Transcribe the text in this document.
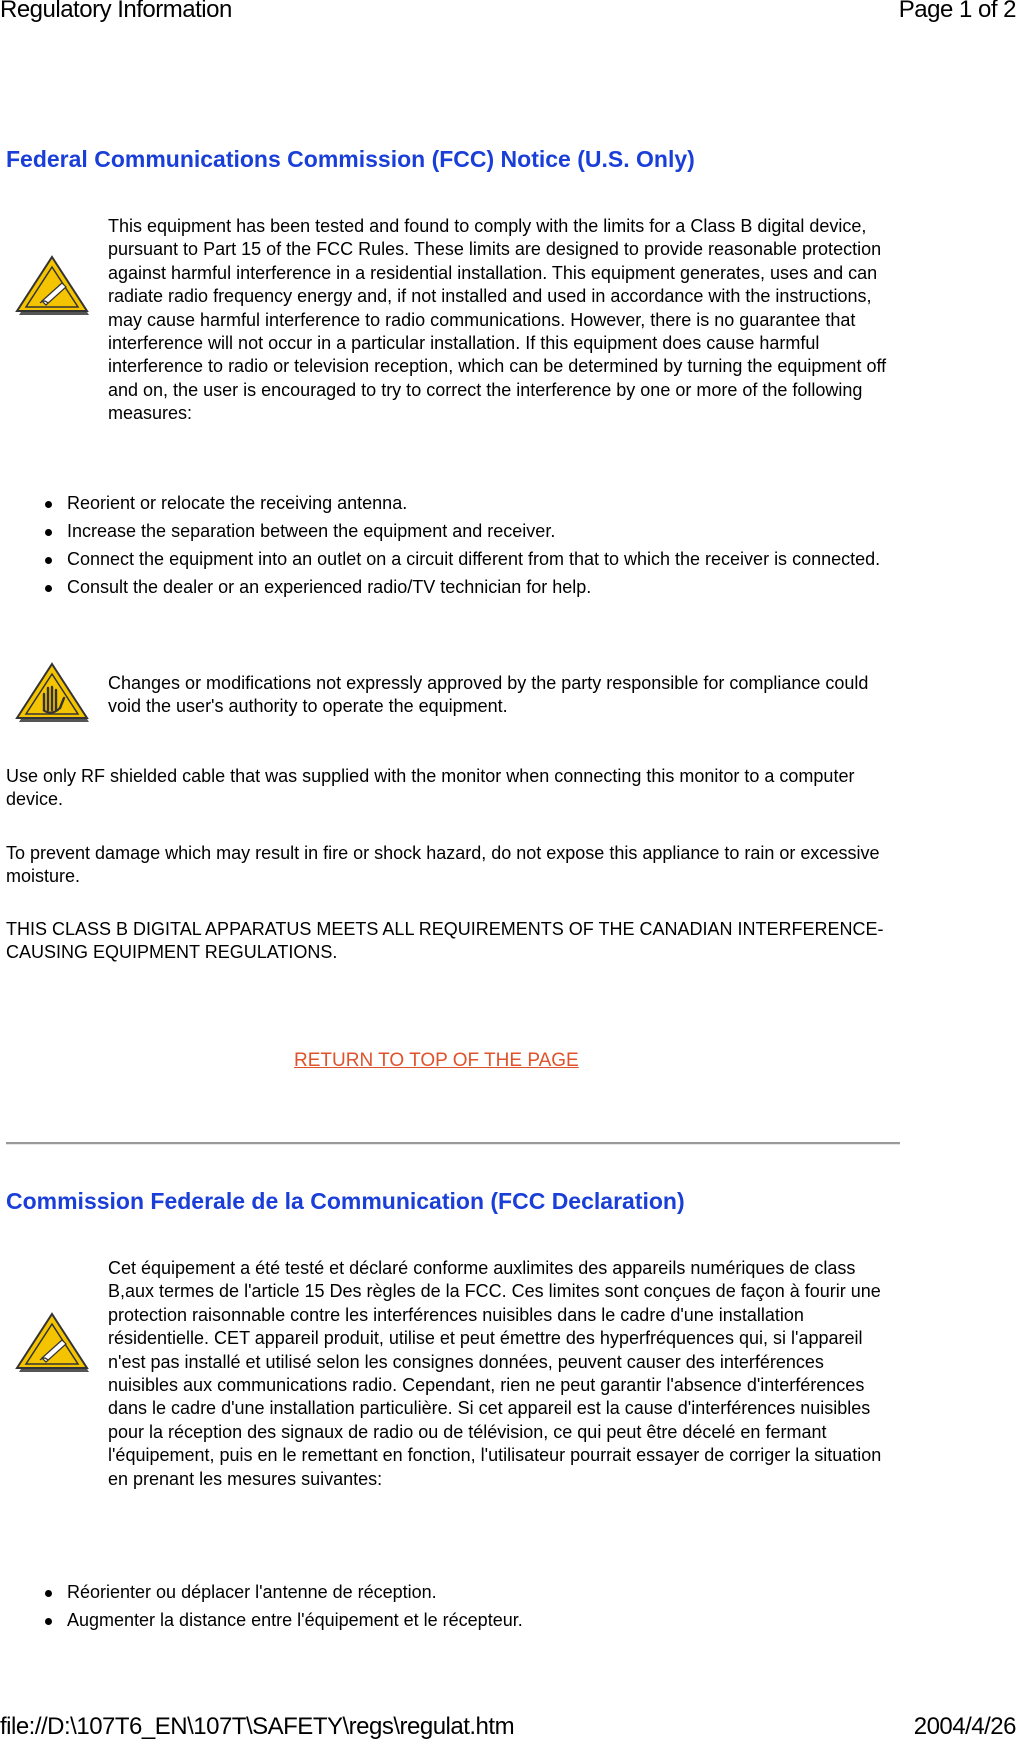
Regulatory Information	Page 1 of 2
Federal Communications Commission (FCC) Notice (U.S. Only)

This equipment has been tested and found to comply with the limits for a Class B digital device, pursuant to Part 15 of the FCC Rules. These limits are designed to provide reasonable protection against harmful interference in a residential installation. This equipment generates, uses and can radiate radio frequency energy and, if not installed and used in accordance with the instructions, may cause harmful interference to radio communications. However, there is no guarantee that interference will not occur in a particular installation. If this equipment does cause harmful interference to radio or television reception, which can be determined by turning the equipment off and on, the user is encouraged to try to correct the interference by one or more of the following measures:

Reorient or relocate the receiving antenna.
Increase the separation between the equipment and receiver.
Connect the equipment into an outlet on a circuit different from that to which the receiver is connected.
Consult the dealer or an experienced radio/TV technician for help.

Changes or modifications not expressly approved by the party responsible for compliance could void the user's authority to operate the equipment.

Use only RF shielded cable that was supplied with the monitor when connecting this monitor to a computer device.

To prevent damage which may result in fire or shock hazard, do not expose this appliance to rain or excessive moisture.

THIS CLASS B DIGITAL APPARATUS MEETS ALL REQUIREMENTS OF THE CANADIAN INTERFERENCE-CAUSING EQUIPMENT REGULATIONS.

RETURN TO TOP OF THE PAGE
Commission Federale de la Communication (FCC Declaration)

Cet équipement a été testé et déclaré conforme auxlimites des appareils numériques de class B,aux termes de l'article 15 Des règles de la FCC. Ces limites sont conçues de façon à fourir une protection raisonnable contre les interférences nuisibles dans le cadre d'une installation résidentielle. CET appareil produit, utilise et peut émettre des hyperfréquences qui, si l'appareil n'est pas installé et utilisé selon les consignes données, peuvent causer des interférences nuisibles aux communications radio. Cependant, rien ne peut garantir l'absence d'interférences dans le cadre d'une installation particulière. Si cet appareil est la cause d'interférences nuisibles pour la réception des signaux de radio ou de télévision, ce qui peut être décelé en fermant l'équipement, puis en le remettant en fonction, l'utilisateur pourrait essayer de corriger la situation en prenant les mesures suivantes:

Réorienter ou déplacer l'antenne de réception.
Augmenter la distance entre l'équipement et le récepteur.
file://D:\107T6_EN\107T\SAFETY\regs\regulat.htm	2004/4/26
